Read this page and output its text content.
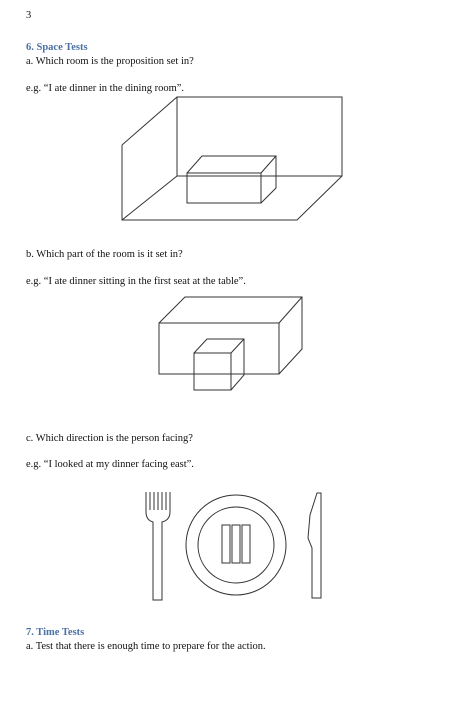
3
6. Space Tests
a. Which room is the proposition set in?
e.g. “I ate dinner in the dining room”.
b. Which part of the room is it set in?
e.g. “I ate dinner sitting in the first seat at the table”.
c. Which direction is the person facing?
e.g. “I looked at my dinner facing east”.
7. Time Tests
a. Test that there is enough time to prepare for the action.
